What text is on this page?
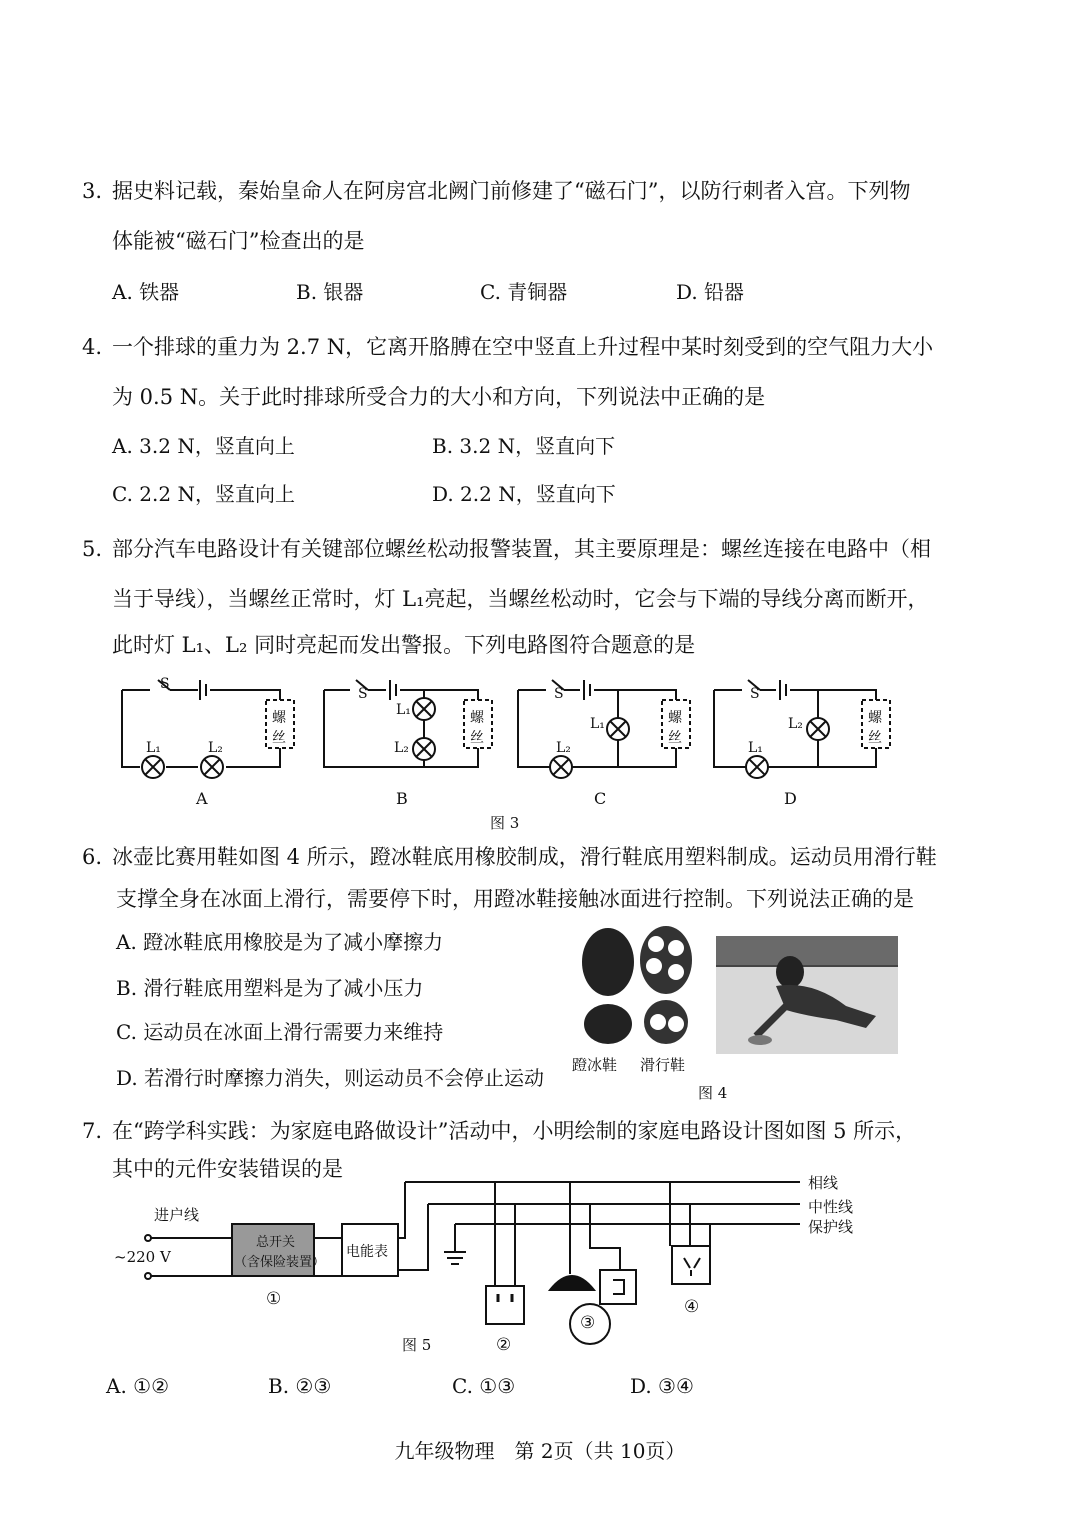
3. 据史料记载，秦始皇命人在阿房宫北阙门前修建了“磁石门”，以防行刺者入宫。下列物
体能被“磁石门”检查出的是
A. 铁器	B. 银器	C. 青铜器	D. 铅器
4. 一个排球的重力为 2.7 N，它离开胳膊在空中竖直上升过程中某时刻受到的空气阻力大小
为 0.5 N。关于此时排球所受合力的大小和方向，下列说法中正确的是
A. 3.2 N，竖直向上	B. 3.2 N，竖直向下
C. 2.2 N，竖直向上	D. 2.2 N，竖直向下
5. 部分汽车电路设计有关键部位螺丝松动报警装置，其主要原理是：螺丝连接在电路中（相
当于导线），当螺丝正常时，灯 L₁亮起，当螺丝松动时，它会与下端的导线分离而断开，
此时灯 L₁、L₂ 同时亮起而发出警报。下列电路图符合题意的是
S
L₁	L₂
螺
丝
A
S
L₁
L₂
螺
丝
B
S
L₁
L₂
螺
丝
C
S
L₂
L₁
螺
丝
D
图 3
6. 冰壶比赛用鞋如图 4 所示，蹬冰鞋底用橡胶制成，滑行鞋底用塑料制成。运动员用滑行鞋
支撑全身在冰面上滑行，需要停下时，用蹬冰鞋接触冰面进行控制。下列说法正确的是
A. 蹬冰鞋底用橡胶是为了减小摩擦力
B. 滑行鞋底用塑料是为了减小压力
C. 运动员在冰面上滑行需要力来维持
D. 若滑行时摩擦力消失，则运动员不会停止运动
蹬冰鞋 滑行鞋
图 4
7. 在“跨学科实践：为家庭电路做设计”活动中，小明绘制的家庭电路设计图如图 5 所示，
其中的元件安装错误的是
相线
中性线
保护线
进户线
~220 V
总开关
（含保险装置）
电能表
①
②
③
④
图 5
A. ①②	B. ②③	C. ①③	D. ③④
九年级物理　第 2页（共 10页）
